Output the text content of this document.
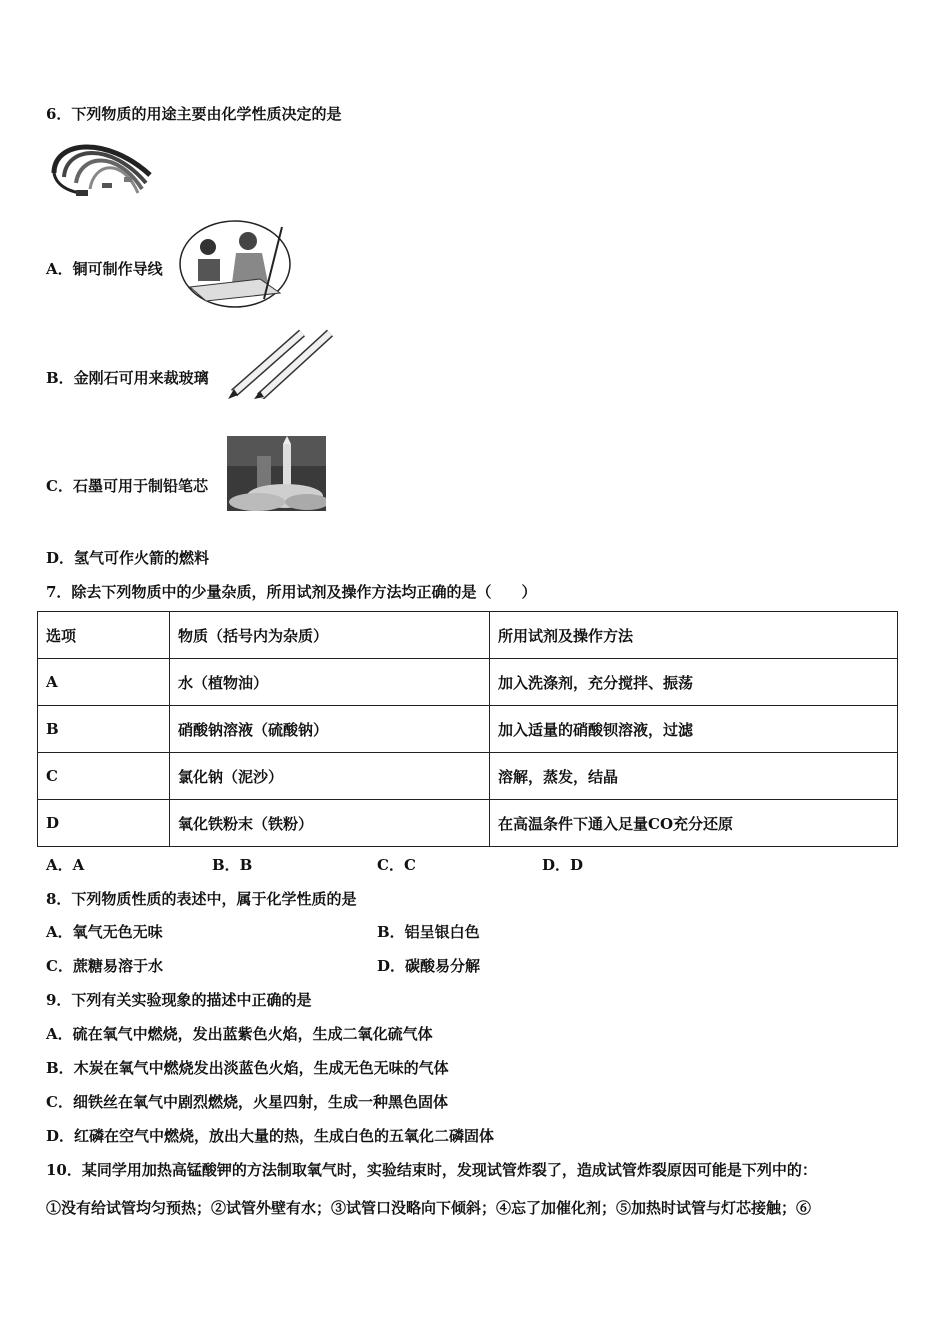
6．下列物质的用途主要由化学性质决定的是
A．铜可制作导线
B．金刚石可用来裁玻璃
C．石墨可用于制铅笔芯
D．氢气可作火箭的燃料
7．除去下列物质中的少量杂质，所用试剂及操作方法均正确的是（　　）
选项	物质（括号内为杂质）	所用试剂及操作方法
A	水（植物油）	加入洗涤剂，充分搅拌、振荡
B	硝酸钠溶液（硫酸钠）	加入适量的硝酸钡溶液，过滤
C	氯化钠（泥沙）	溶解，蒸发，结晶
D	氧化铁粉末（铁粉）	在高温条件下通入足量CO充分还原
A．A	B．B	C．C	D．D
8．下列物质性质的表述中，属于化学性质的是
A．氧气无色无味	B．铝呈银白色
C．蔗糖易溶于水	D．碳酸易分解
9．下列有关实验现象的描述中正确的是
A．硫在氧气中燃烧，发出蓝紫色火焰，生成二氧化硫气体
B．木炭在氧气中燃烧发出淡蓝色火焰，生成无色无味的气体
C．细铁丝在氧气中剧烈燃烧，火星四射，生成一种黑色固体
D．红磷在空气中燃烧，放出大量的热，生成白色的五氧化二磷固体
10．某同学用加热高锰酸钾的方法制取氧气时，实验结束时，发现试管炸裂了，造成试管炸裂原因可能是下列中的：
①没有给试管均匀预热；②试管外壁有水；③试管口没略向下倾斜；④忘了加催化剂；⑤加热时试管与灯芯接触；⑥
